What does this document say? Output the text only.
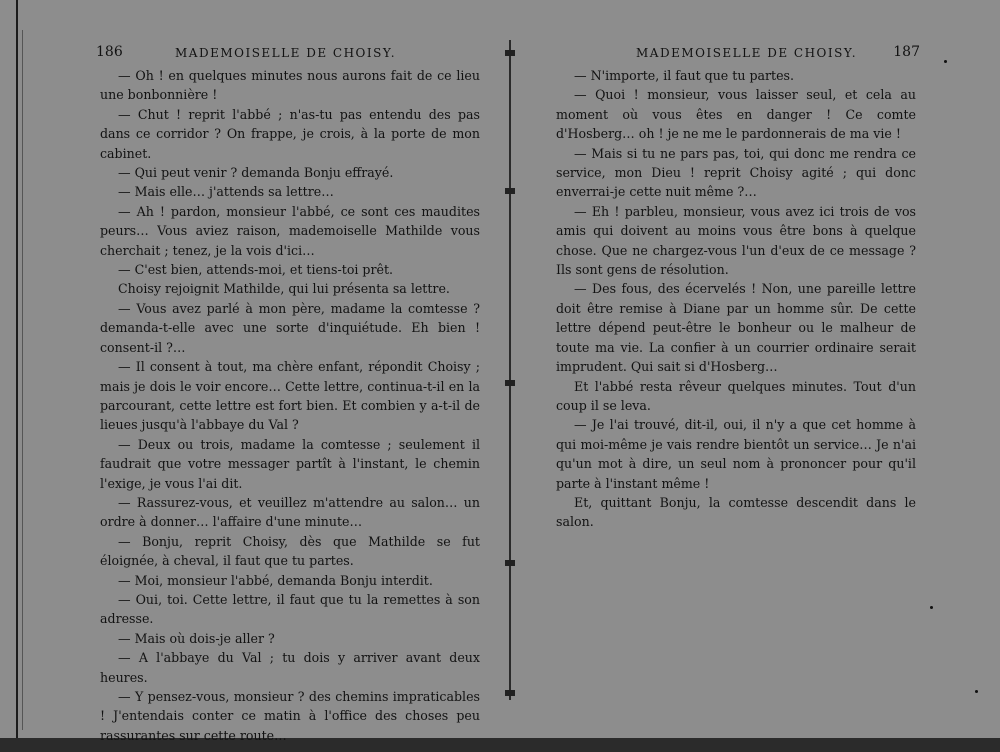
186	MADEMOISELLE DE CHOISY.

— Oh ! en quelques minutes nous aurons fait de ce lieu une bonbonnière !

— Chut ! reprit l'abbé ; n'as-tu pas entendu des pas dans ce corridor ? On frappe, je crois, à la porte de mon cabinet.

— Qui peut venir ? demanda Bonju effrayé.

— Mais elle… j'attends sa lettre…

— Ah ! pardon, monsieur l'abbé, ce sont ces maudites peurs… Vous aviez raison, mademoiselle Mathilde vous cherchait ; tenez, je la vois d'ici…

— C'est bien, attends-moi, et tiens-toi prêt.

Choisy rejoignit Mathilde, qui lui présenta sa lettre.

— Vous avez parlé à mon père, madame la comtesse ? demanda-t-elle avec une sorte d'inquiétude. Eh bien ! consent-il ?…

— Il consent à tout, ma chère enfant, répondit Choisy ; mais je dois le voir encore… Cette lettre, continua-t-il en la parcourant, cette lettre est fort bien. Et combien y a-t-il de lieues jusqu'à l'abbaye du Val ?

— Deux ou trois, madame la comtesse ; seulement il faudrait que votre messager partît à l'instant, le chemin l'exige, je vous l'ai dit.

— Rassurez-vous, et veuillez m'attendre au salon… un ordre à donner… l'affaire d'une minute…

— Bonju, reprit Choisy, dès que Mathilde se fut éloignée, à cheval, il faut que tu partes.

— Moi, monsieur l'abbé, demanda Bonju interdit.

— Oui, toi. Cette lettre, il faut que tu la remettes à son adresse.

— Mais où dois-je aller ?

— A l'abbaye du Val ; tu dois y arriver avant deux heures.

— Y pensez-vous, monsieur ? des chemins impraticables ! J'entendais conter ce matin à l'office des choses peu rassurantes sur cette route…

MADEMOISELLE DE CHOISY.	187

— N'importe, il faut que tu partes.

— Quoi ! monsieur, vous laisser seul, et cela au moment où vous êtes en danger ! Ce comte d'Hosberg… oh ! je ne me le pardonnerais de ma vie !

— Mais si tu ne pars pas, toi, qui donc me rendra ce service, mon Dieu ! reprit Choisy agité ; qui donc enverrai-je cette nuit même ?…

— Eh ! parbleu, monsieur, vous avez ici trois de vos amis qui doivent au moins vous être bons à quelque chose. Que ne chargez-vous l'un d'eux de ce message ? Ils sont gens de résolution.

— Des fous, des écervelés ! Non, une pareille lettre doit être remise à Diane par un homme sûr. De cette lettre dépend peut-être le bonheur ou le malheur de toute ma vie. La confier à un courrier ordinaire serait imprudent. Qui sait si d'Hosberg…

Et l'abbé resta rêveur quelques minutes. Tout d'un coup il se leva.

— Je l'ai trouvé, dit-il, oui, il n'y a que cet homme à qui moi-même je vais rendre bientôt un service… Je n'ai qu'un mot à dire, un seul nom à prononcer pour qu'il parte à l'instant même !

Et, quittant Bonju, la comtesse descendit dans le salon.
